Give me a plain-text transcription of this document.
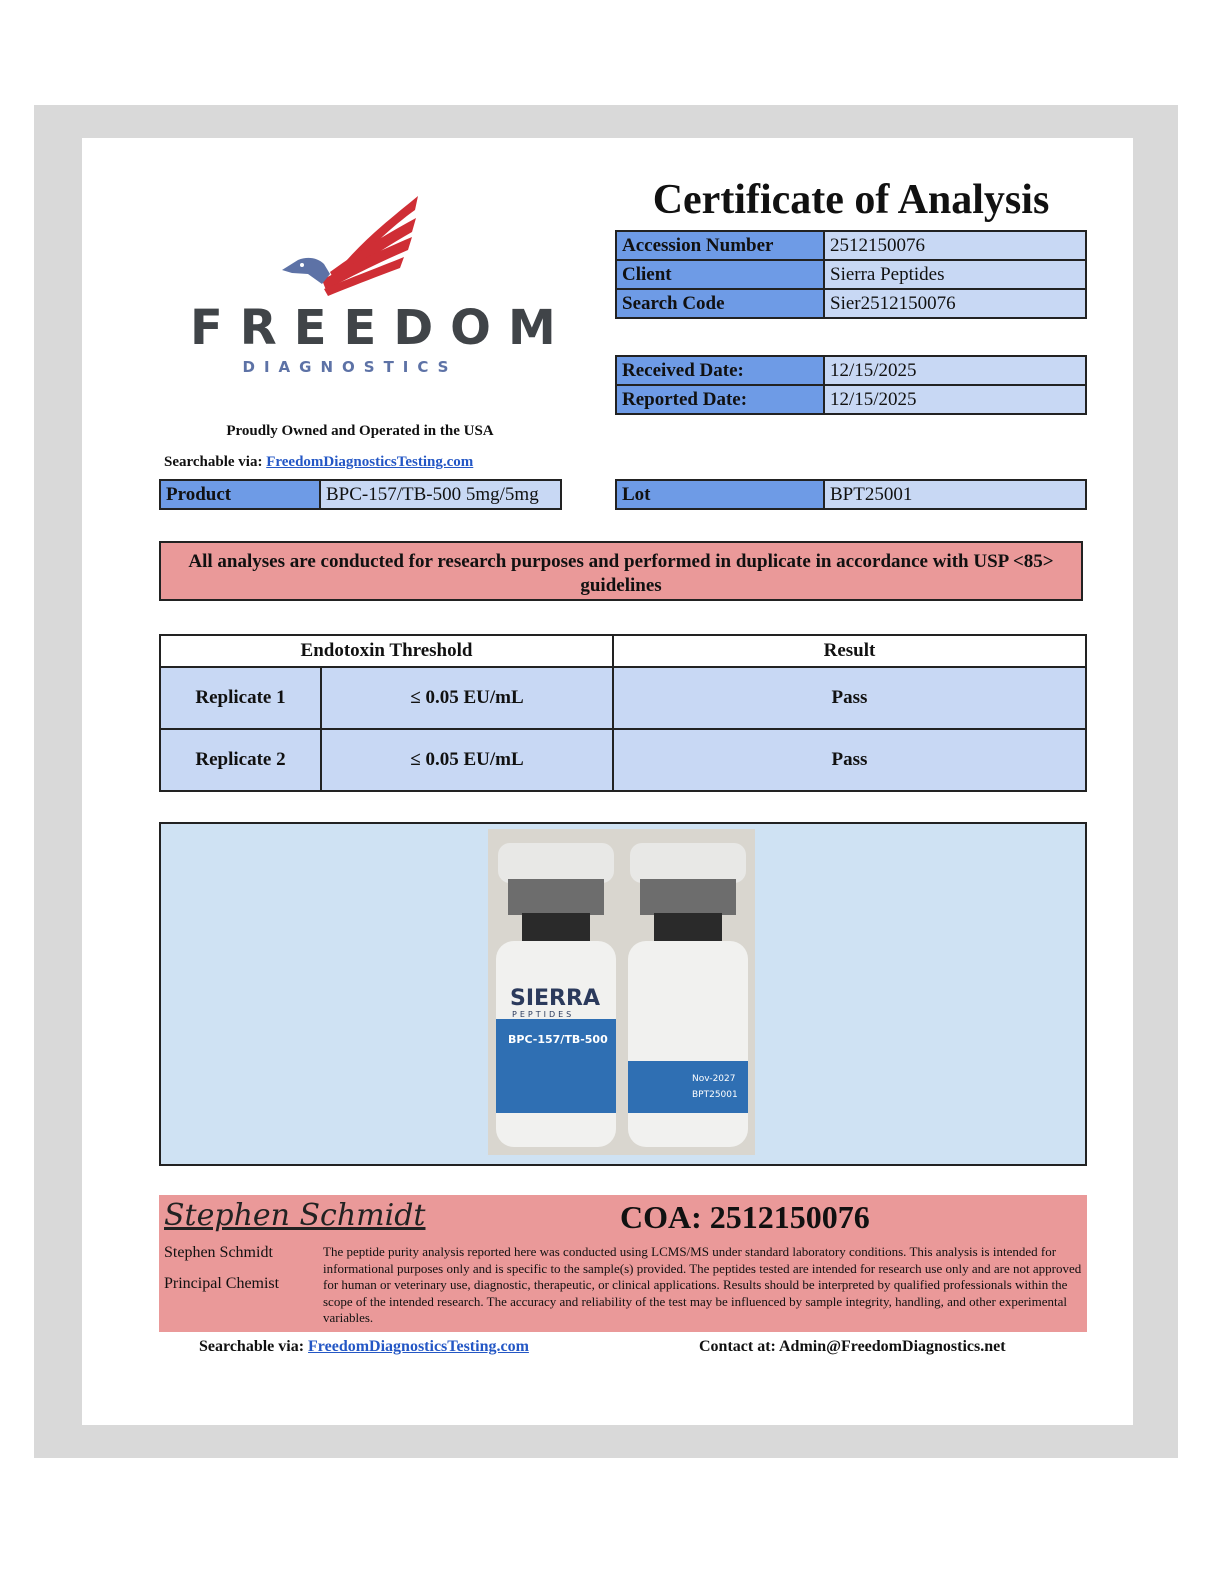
FREEDOM
DIAGNOSTICS
Proudly Owned and Operated in the USA
Searchable via: FreedomDiagnosticsTesting.com
Certificate of Analysis
Accession Number	2512150076
Client	Sierra Peptides
Search Code	Sier2512150076
Received Date:	12/15/2025
Reported Date:	12/15/2025
Product	BPC-157/TB-500 5mg/5mg	Lot	BPT25001
All analyses are conducted for research purposes and performed in duplicate in accordance with USP <85> guidelines
Endotoxin Threshold		Result
Replicate 1	≤ 0.05 EU/mL	Pass
Replicate 2	≤ 0.05 EU/mL	Pass
SIERRA
PEPTIDES
BPC-157/TB-500
Nov-2027
BPT25001
Stephen Schmidt	COA: 2512150076
Stephen Schmidt
Principal Chemist
The peptide purity analysis reported here was conducted using LCMS/MS under standard laboratory conditions. This analysis is intended for informational purposes only and is specific to the sample(s) provided. The peptides tested are intended for research use only and are not approved for human or veterinary use, diagnostic, therapeutic, or clinical applications. Results should be interpreted by qualified professionals within the scope of the intended research. The accuracy and reliability of the test may be influenced by sample integrity, handling, and other experimental variables.
Searchable via: FreedomDiagnosticsTesting.com	Contact at: Admin@FreedomDiagnostics.net
